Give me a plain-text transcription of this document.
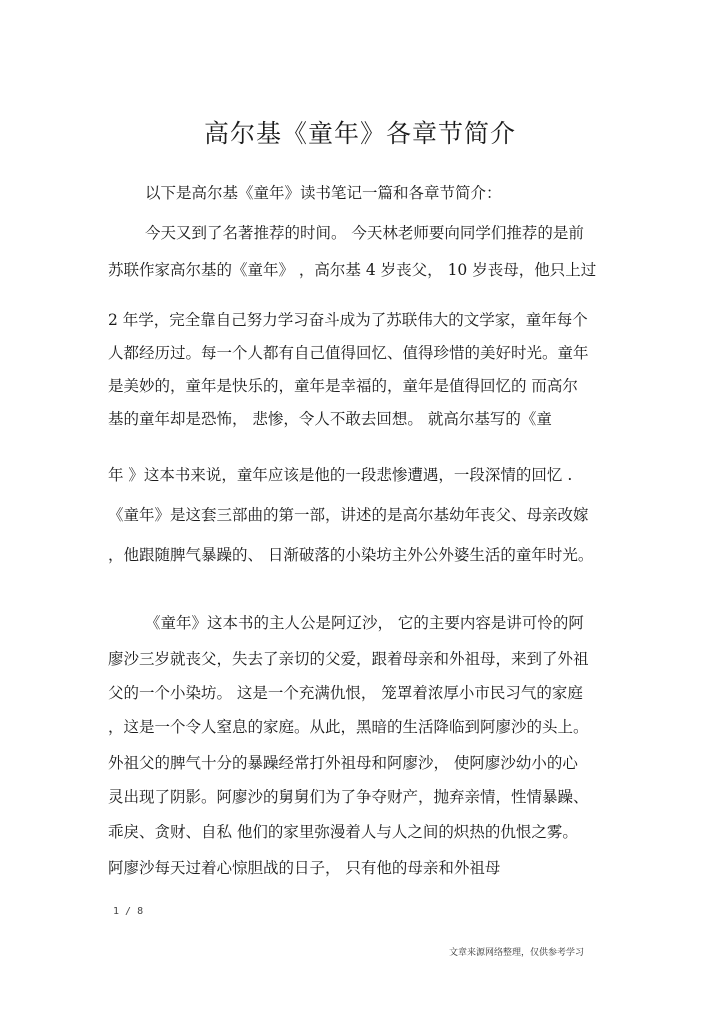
高尔基《童年》各章节简介
以下是高尔基《童年》读书笔记一篇和各章节简介：
今天又到了名著推荐的时间。 今天林老师要向同学们推荐的是前
苏联作家高尔基的《童年》 ，高尔基 4 岁丧父， 10 岁丧母，他只上过
2 年学，完全靠自己努力学习奋斗成为了苏联伟大的文学家，童年每个
人都经历过。每一个人都有自己值得回忆、值得珍惜的美好时光。童年
是美妙的，童年是快乐的，童年是幸福的，童年是值得回忆的 而高尔
基的童年却是恐怖， 悲惨，令人不敢去回想。 就高尔基写的《童
年 》这本书来说，童年应该是他的一段悲惨遭遇，一段深情的回忆 .
《童年》是这套三部曲的第一部，讲述的是高尔基幼年丧父、母亲改嫁
，他跟随脾气暴躁的、 日渐破落的小染坊主外公外婆生活的童年时光。
《童年》这本书的主人公是阿辽沙， 它的主要内容是讲可怜的阿
廖沙三岁就丧父，失去了亲切的父爱，跟着母亲和外祖母，来到了外祖
父的一个小染坊。 这是一个充满仇恨， 笼罩着浓厚小市民习气的家庭
，这是一个令人窒息的家庭。从此，黑暗的生活降临到阿廖沙的头上。
外祖父的脾气十分的暴躁经常打外祖母和阿廖沙， 使阿廖沙幼小的心
灵出现了阴影。阿廖沙的舅舅们为了争夺财产，抛弃亲情，性情暴躁、
乖戾、贪财、自私 他们的家里弥漫着人与人之间的炽热的仇恨之雾。
阿廖沙每天过着心惊胆战的日子， 只有他的母亲和外祖母
1 / 8
文章来源网络整理，仅供参考学习
